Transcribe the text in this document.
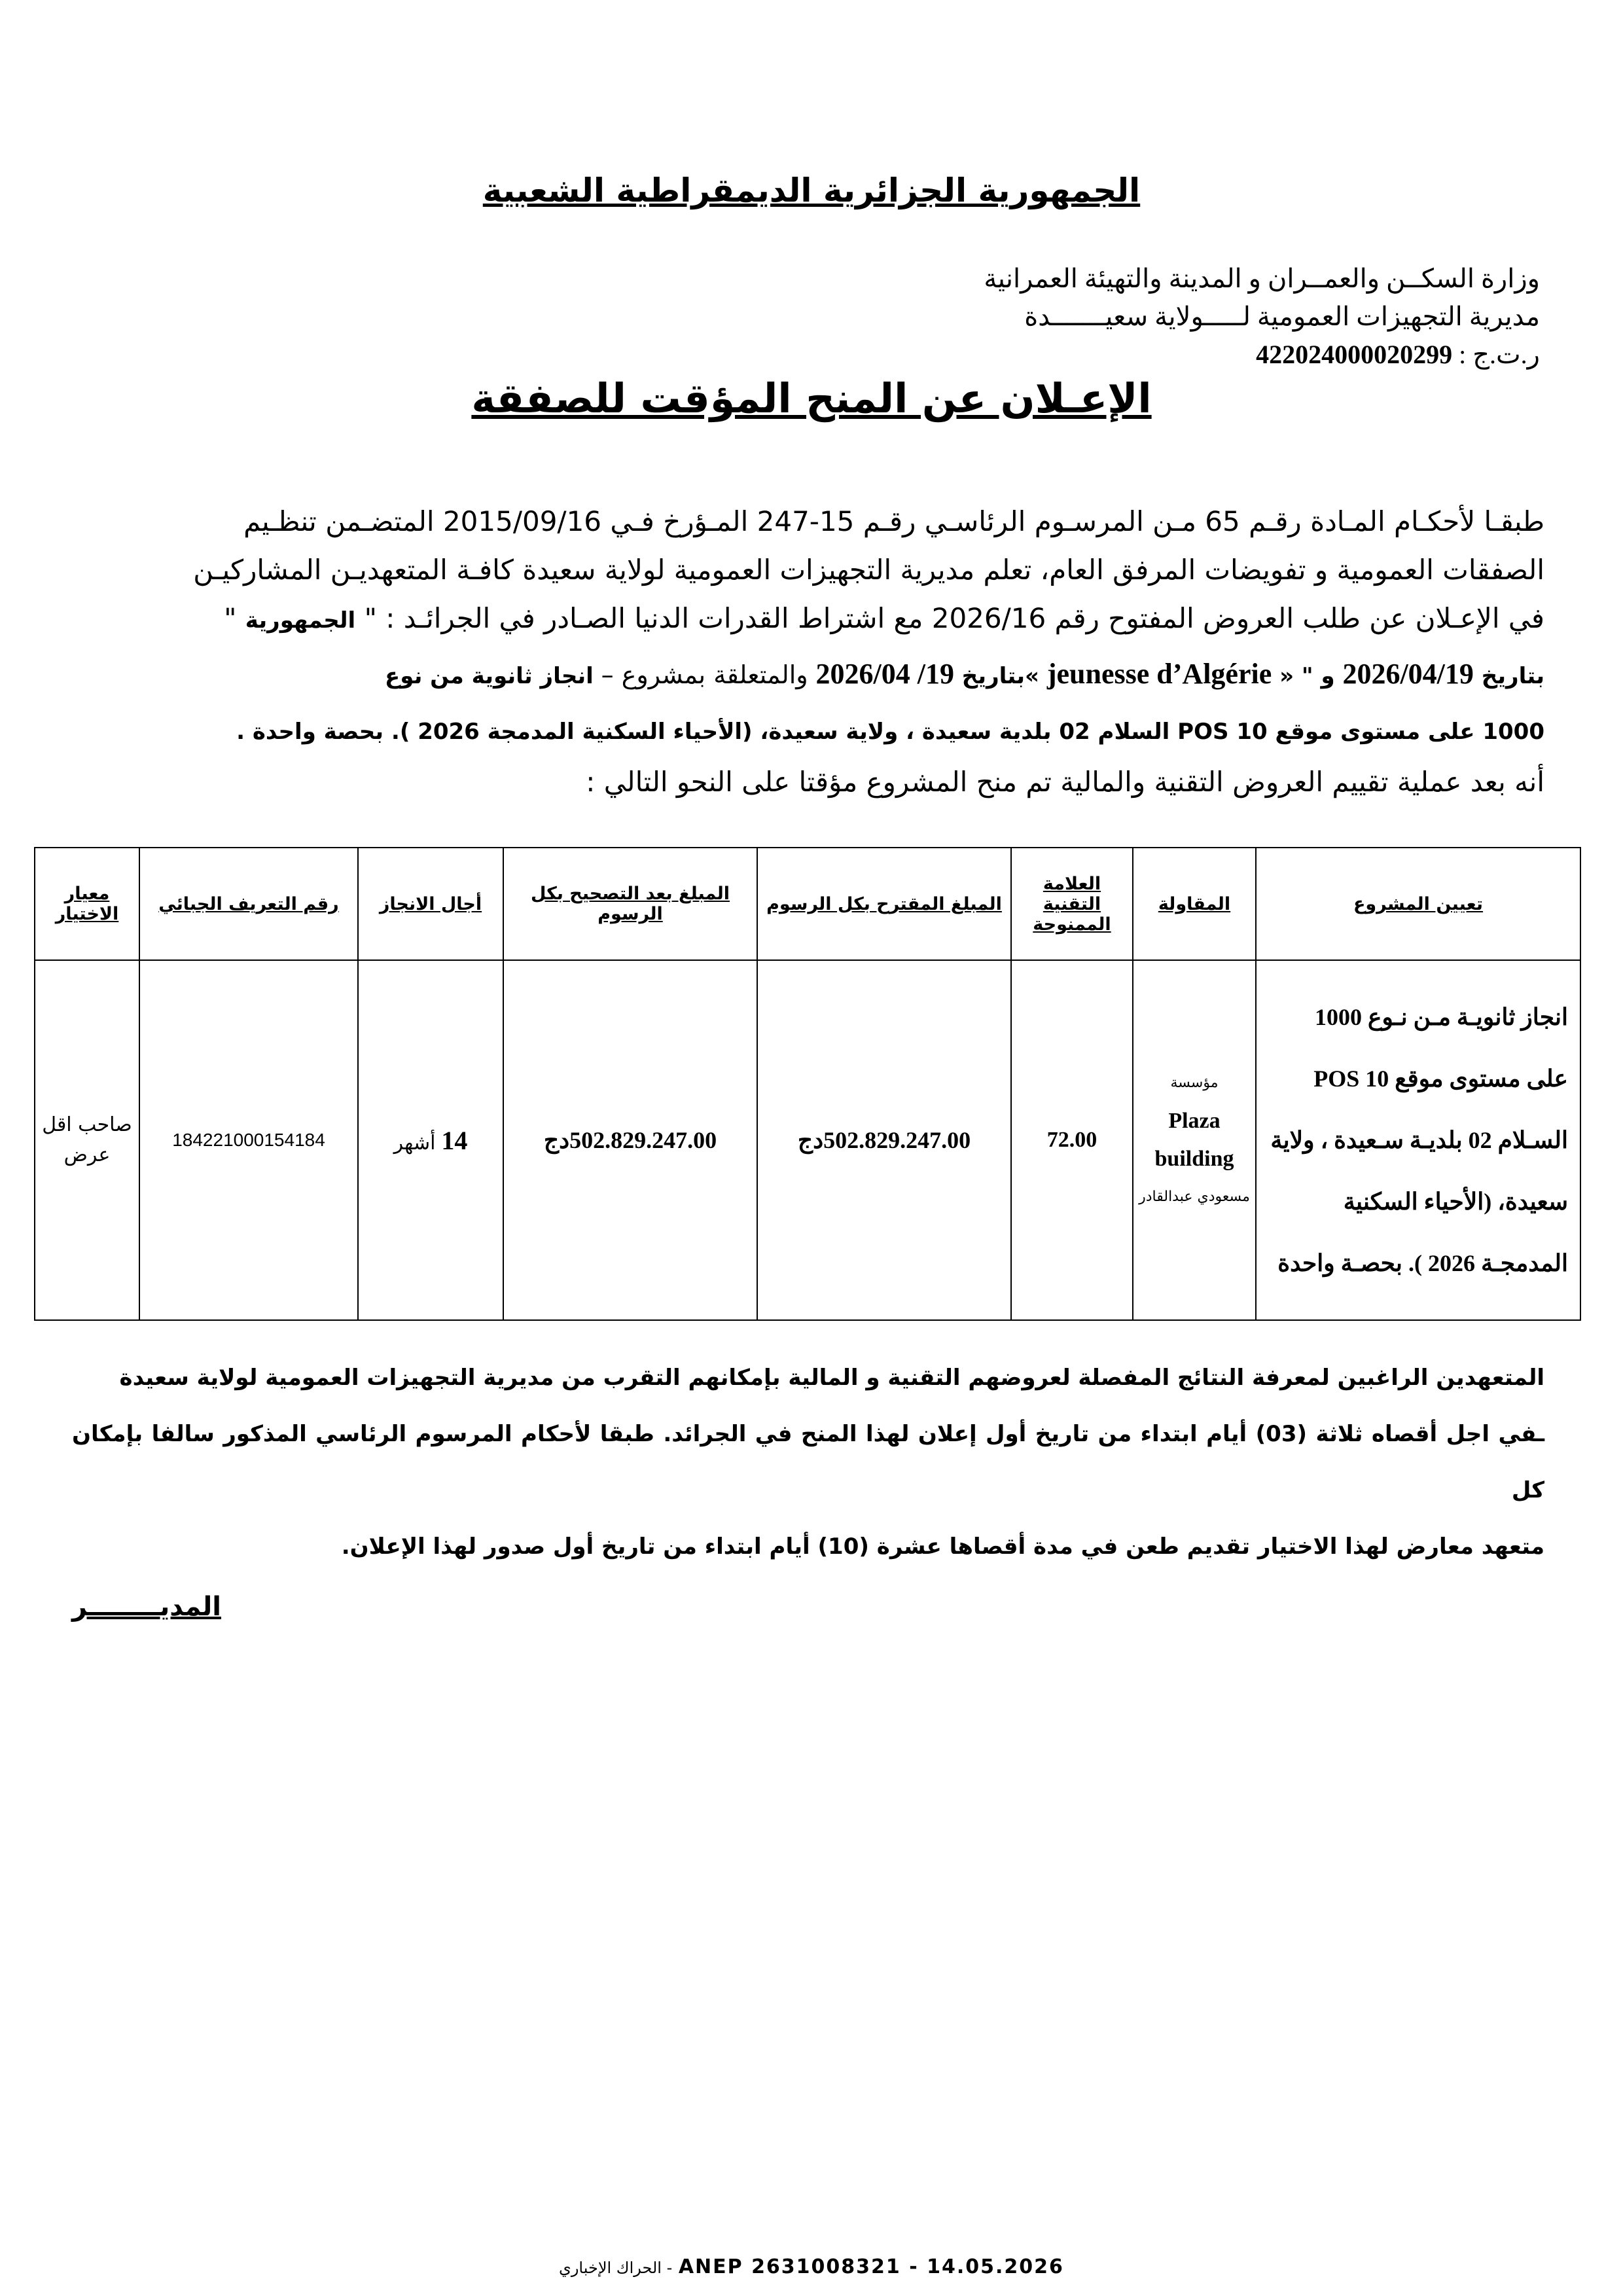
الجمهورية الجزائرية الديمقراطية الشعبية
وزارة السكــن والعمــران و المدينة والتهيئة العمرانية
مديرية التجهيزات العمومية لـــــولاية سعيـــــــدة
ر.ت.ج : 422024000020299
الإعـلان عن المنح المؤقت للصفقة
طبقـا لأحكـام المـادة رقـم 65 مـن المرسـوم الرئاسـي رقـم 15-247 المـؤرخ فـي 2015/09/16 المتضـمن تنظـيم
الصفقات العمومية و تفويضات المرفق العام، تعلم مديرية التجهيزات العمومية لولاية سعيدة كافـة المتعهديـن المشاركيـن
في الإعـلان عن طلب العروض المفتوح رقم 2026/16 مع اشتراط القدرات الدنيا الصـادر في الجرائـد : " الجمهورية "
بتاريخ 2026/04/19 و " « jeunesse d’Algérie »بتاريخ 19/ 2026/04 والمتعلقة بمشروع – انجاز ثانوية من نوع
1000 على مستوى موقع 10 POS السلام 02 بلدية سعيدة ، ولاية سعيدة، (الأحياء السكنية المدمجة 2026 ). بحصة واحدة .
أنه بعد عملية تقييم العروض التقنية والمالية تم منح المشروع مؤقتا على النحو التالي :
تعيين المشروع	المقاولة	العلامة التقنية الممنوحة	المبلغ المقترح بكل الرسوم	المبلغ بعد التصحيح بكل الرسوم	أجال الانجاز	رقم التعريف الجبائي	معيار الاختيار
انجاز ثانويـة مـن نـوع 1000 على مستوى موقع 10 POS السـلام 02 بلديـة سـعيدة ، ولاية سعيدة، (الأحياء السكنية المدمجـة 2026 ). بحصـة واحدة	مؤسسة
Plaza building
مسعودي عبدالقادر	72.00	502.829.247.00دج	502.829.247.00دج	14 أشهر	184221000154184	صاحب اقل عرض
المتعهدين الراغبين لمعرفة النتائج المفصلة لعروضهم التقنية و المالية بإمكانهم التقرب من مديرية التجهيزات العمومية لولاية سعيدة
ـفي اجل أقصاه ثلاثة (03) أيام ابتداء من تاريخ أول إعلان لهذا المنح في الجرائد. طبقا لأحكام المرسوم الرئاسي المذكور سالفا بإمكان كل
متعهد معارض لهذا الاختيار تقديم طعن في مدة أقصاها عشرة (10) أيام ابتداء من تاريخ أول صدور لهذا الإعلان.
المديــــــــر
الحراك الإخباري - ANEP 2631008321 - 14.05.2026
